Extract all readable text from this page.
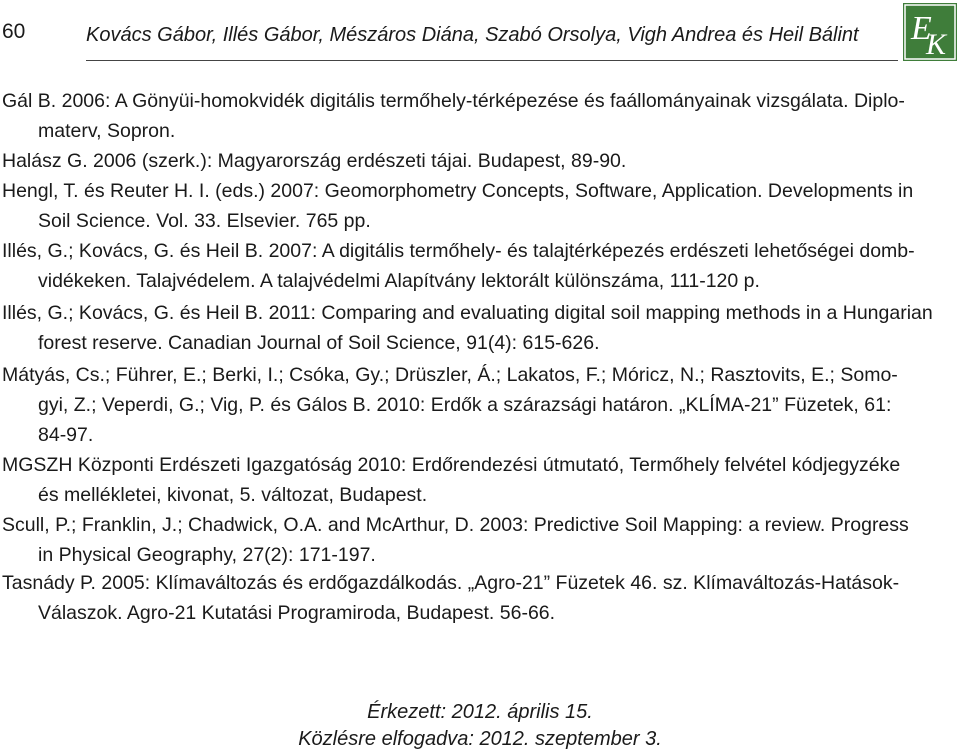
60	Kovács Gábor, Illés Gábor, Mészáros Diána, Szabó Orsolya, Vigh Andrea és Heil Bálint E
K
Gál B. 2006: A Gönyüi-homokvidék digitális termőhely-térképezése és faállományainak vizsgálata. Diplo-
materv, Sopron.
Halász G. 2006 (szerk.): Magyarország erdészeti tájai. Budapest, 89-90.
Hengl, T. és Reuter H. I. (eds.) 2007: Geomorphometry Concepts, Software, Application. Developments in
Soil Science. Vol. 33. Elsevier. 765 pp.
Illés, G.; Kovács, G. és Heil B. 2007: A digitális termőhely- és talajtérképezés erdészeti lehetőségei domb-
vidékeken. Talajvédelem. A talajvédelmi Alapítvány lektorált különszáma, 111-120 p.
Illés, G.; Kovács, G. és Heil B. 2011: Comparing and evaluating digital soil mapping methods in a Hungarian
forest reserve. Canadian Journal of Soil Science, 91(4): 615-626.
Mátyás, Cs.; Führer, E.; Berki, I.; Csóka, Gy.; Drüszler, Á.; Lakatos, F.; Móricz, N.; Rasztovits, E.; Somo-
gyi, Z.; Veperdi, G.; Vig, P. és Gálos B. 2010: Erdők a szárazsági határon. „KLÍMA-21” Füzetek, 61:
84-97.
MGSZH Központi Erdészeti Igazgatóság 2010: Erdőrendezési útmutató, Termőhely felvétel kódjegyzéke
és mellékletei, kivonat, 5. változat, Budapest.
Scull, P.; Franklin, J.; Chadwick, O.A. and McArthur, D. 2003: Predictive Soil Mapping: a review. Progress
in Physical Geography, 27(2): 171-197.
Tasnády P. 2005: Klímaváltozás és erdőgazdálkodás. „Agro-21” Füzetek 46. sz. Klímaváltozás-Hatások-
Válaszok. Agro-21 Kutatási Programiroda, Budapest. 56-66.
Érkezett: 2012. április 15.
Közlésre elfogadva: 2012. szeptember 3.
